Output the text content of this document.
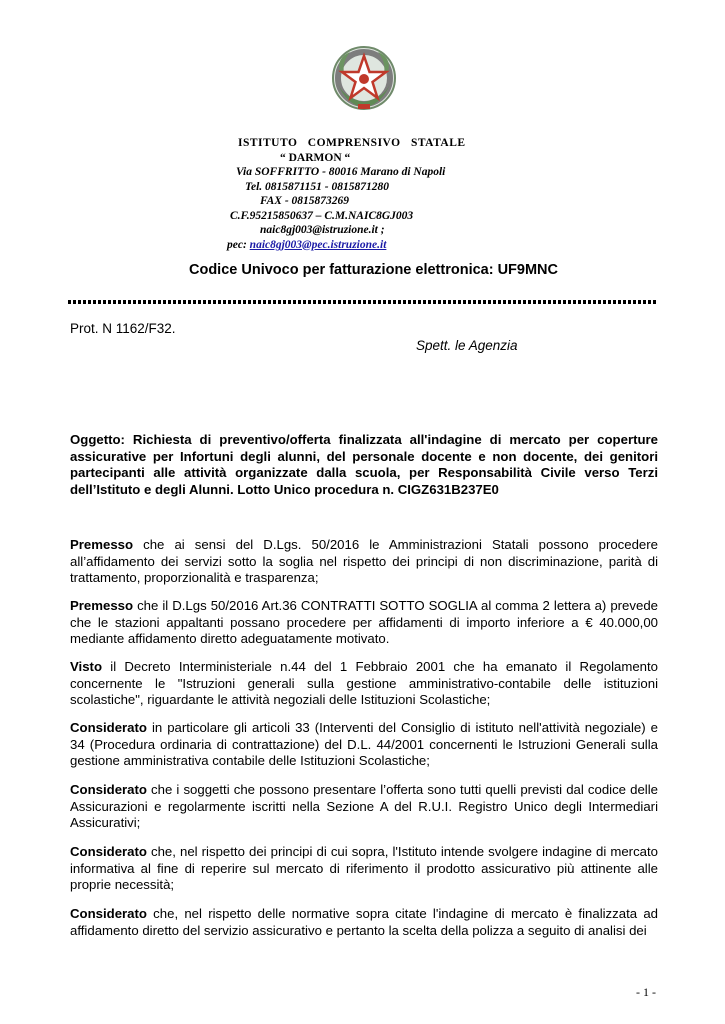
ISTITUTO COMPRENSIVO STATALE
“ DARMON “
Via SOFFRITTO - 80016 Marano di Napoli
Tel. 0815871151 - 0815871280
FAX - 0815873269
C.F.95215850637 – C.M.NAIC8GJ003
naic8gj003@istruzione.it ;
pec: naic8gj003@pec.istruzione.it
Codice Univoco per fatturazione elettronica: UF9MNC
Prot. N 1162/F32.
Spett. le Agenzia
Oggetto: Richiesta di preventivo/offerta finalizzata all'indagine di mercato per coperture assicurative per Infortuni degli alunni, del personale docente e non docente, dei genitori partecipanti alle attività organizzate dalla scuola, per Responsabilità Civile verso Terzi dell’Istituto e degli Alunni. Lotto Unico procedura n. CIGZ631B237E0
Premesso che ai sensi del D.Lgs. 50/2016 le Amministrazioni Statali possono procedere all’affidamento dei servizi sotto la soglia nel rispetto dei principi di non discriminazione, parità di trattamento, proporzionalità e trasparenza;
Premesso che il D.Lgs 50/2016 Art.36 CONTRATTI SOTTO SOGLIA al comma 2 lettera a) prevede che le stazioni appaltanti possano procedere per affidamenti di importo inferiore a € 40.000,00 mediante affidamento diretto adeguatamente motivato.
Visto il Decreto Interministeriale n.44 del 1 Febbraio 2001 che ha emanato il Regolamento concernente le "Istruzioni generali sulla gestione amministrativo-contabile delle istituzioni scolastiche", riguardante le attività negoziali delle Istituzioni Scolastiche;
Considerato in particolare gli articoli 33 (Interventi del Consiglio di istituto nell'attività negoziale) e 34 (Procedura ordinaria di contrattazione) del D.L. 44/2001 concernenti le Istruzioni Generali sulla gestione amministrativa contabile delle Istituzioni Scolastiche;
Considerato che i soggetti che possono presentare l’offerta sono tutti quelli previsti dal codice delle Assicurazioni e regolarmente iscritti nella Sezione A del R.U.I. Registro Unico degli Intermediari Assicurativi;
Considerato che, nel rispetto dei principi di cui sopra, l'Istituto intende svolgere indagine di mercato informativa al fine di reperire sul mercato di riferimento il prodotto assicurativo più attinente alle proprie necessità;
Considerato che, nel rispetto delle normative sopra citate l'indagine di mercato è finalizzata ad affidamento diretto del servizio assicurativo e pertanto la scelta della polizza a seguito di analisi dei
- 1 -
